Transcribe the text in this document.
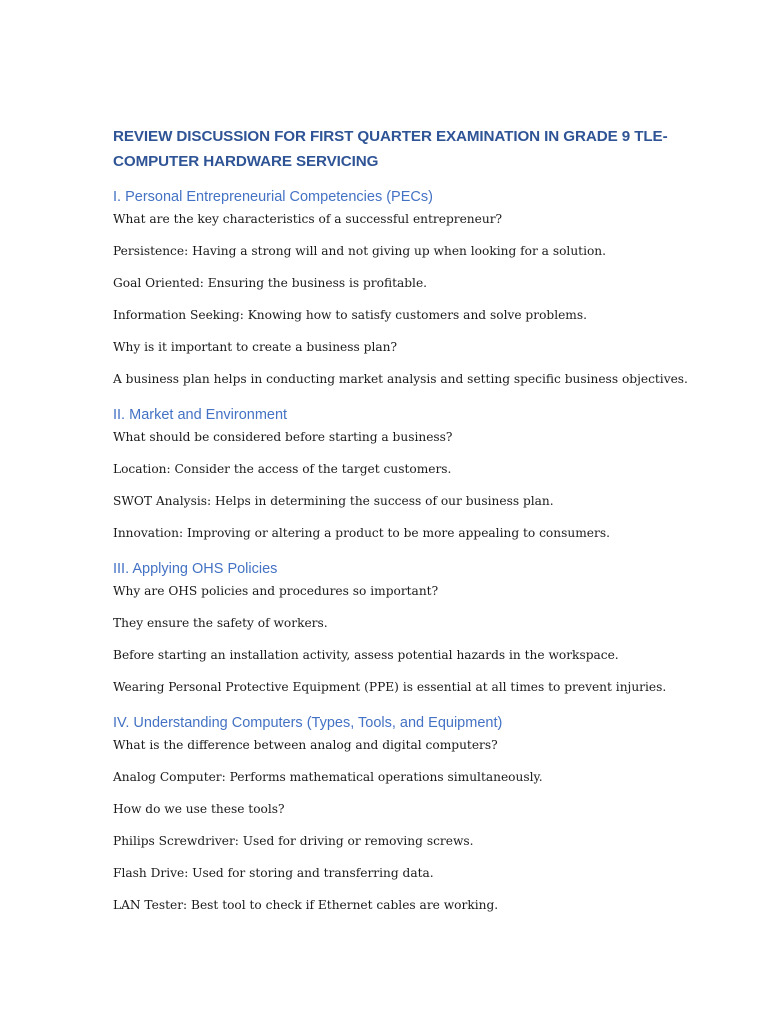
REVIEW DISCUSSION FOR FIRST QUARTER EXAMINATION IN GRADE 9 TLE-COMPUTER HARDWARE SERVICING
I. Personal Entrepreneurial Competencies (PECs)

What are the key characteristics of a successful entrepreneur?

Persistence: Having a strong will and not giving up when looking for a solution.

Goal Oriented: Ensuring the business is profitable.

Information Seeking: Knowing how to satisfy customers and solve problems.

Why is it important to create a business plan?

A business plan helps in conducting market analysis and setting specific business objectives.

II. Market and Environment

What should be considered before starting a business?

Location: Consider the access of the target customers.

SWOT Analysis: Helps in determining the success of our business plan.

Innovation: Improving or altering a product to be more appealing to consumers.

III. Applying OHS Policies

Why are OHS policies and procedures so important?

They ensure the safety of workers.

Before starting an installation activity, assess potential hazards in the workspace.

Wearing Personal Protective Equipment (PPE) is essential at all times to prevent injuries.

IV. Understanding Computers (Types, Tools, and Equipment)

What is the difference between analog and digital computers?

Analog Computer: Performs mathematical operations simultaneously.

How do we use these tools?

Philips Screwdriver: Used for driving or removing screws.

Flash Drive: Used for storing and transferring data.

LAN Tester: Best tool to check if Ethernet cables are working.
